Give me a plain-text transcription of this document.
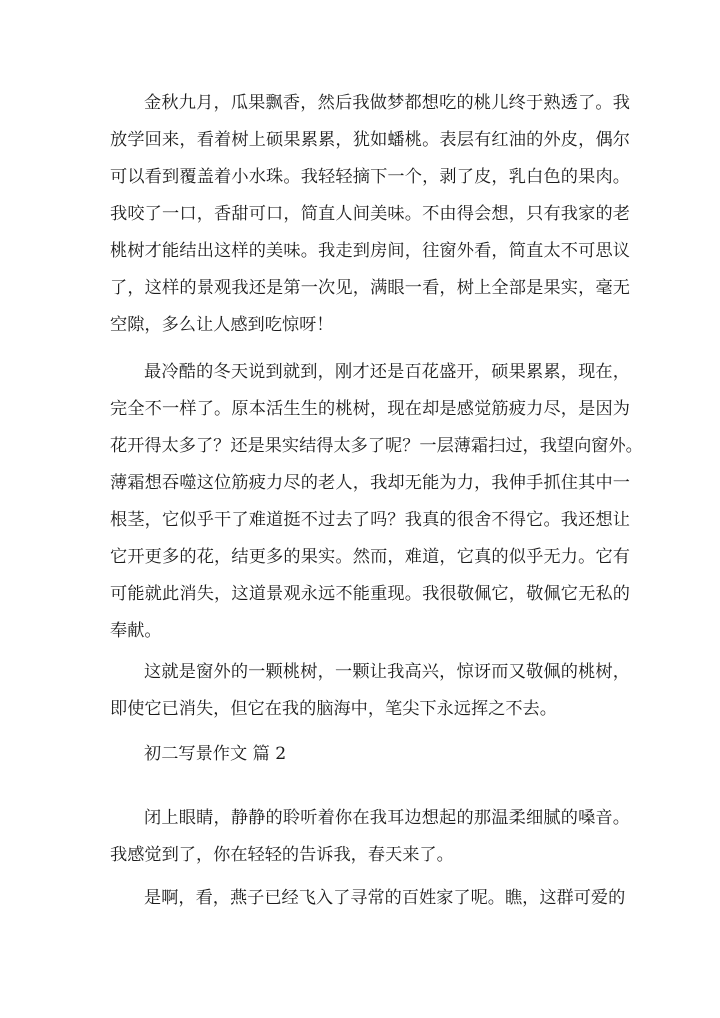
金秋九月，瓜果飘香，然后我做梦都想吃的桃儿终于熟透了。我
放学回来，看着树上硕果累累，犹如蟠桃。表层有红油的外皮，偶尔
可以看到覆盖着小水珠。我轻轻摘下一个，剥了皮，乳白色的果肉。
我咬了一口，香甜可口，简直人间美味。不由得会想，只有我家的老
桃树才能结出这样的美味。我走到房间，往窗外看，简直太不可思议
了，这样的景观我还是第一次见，满眼一看，树上全部是果实，毫无
空隙，多么让人感到吃惊呀！
最冷酷的冬天说到就到，刚才还是百花盛开，硕果累累，现在，
完全不一样了。原本活生生的桃树，现在却是感觉筋疲力尽，是因为
花开得太多了？还是果实结得太多了呢？一层薄霜扫过，我望向窗外。
薄霜想吞噬这位筋疲力尽的老人，我却无能为力，我伸手抓住其中一
根茎，它似乎干了难道挺不过去了吗？我真的很舍不得它。我还想让
它开更多的花，结更多的果实。然而，难道，它真的似乎无力。它有
可能就此消失，这道景观永远不能重现。我很敬佩它，敬佩它无私的
奉献。
这就是窗外的一颗桃树，一颗让我高兴，惊讶而又敬佩的桃树，
即使它已消失，但它在我的脑海中，笔尖下永远挥之不去。
初二写景作文 篇 2
闭上眼睛，静静的聆听着你在我耳边想起的那温柔细腻的嗓音。
我感觉到了，你在轻轻的告诉我，春天来了。
是啊，看，燕子已经飞入了寻常的百姓家了呢。瞧，这群可爱的
